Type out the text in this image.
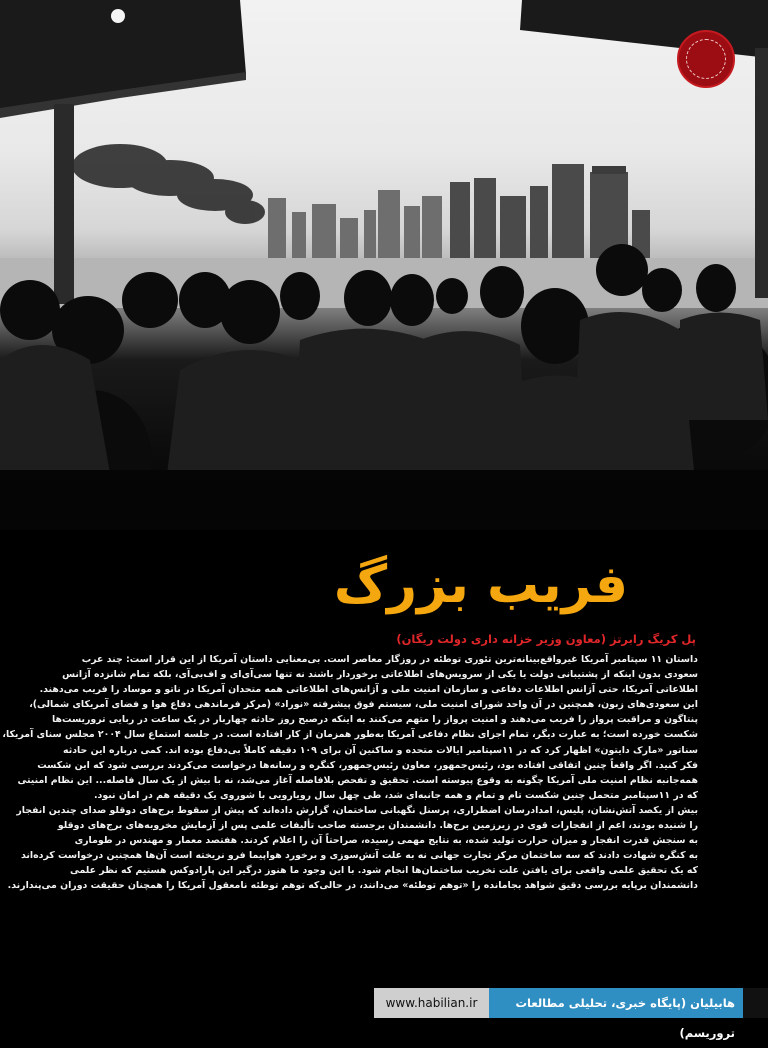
فریب بزرگ
پل کریگ رابرتز (معاون وزیر خزانه داری دولت ریگان)

داستان ۱۱ سپتامبر آمریکا غیرواقع‌بینانه‌ترین تئوری توطئه در روزگار معاصر است. بی‌معنایی داستان آمریکا از این قرار است: چند عرب

سعودی بدون اینکه از پشتیبانی دولت یا یکی از سرویس‌های اطلاعاتی برخوردار باشند نه تنها سی‌آی‌ای و اف‌بی‌آی، بلکه تمام شانزده آژانس

اطلاعاتی آمریکا، حتی آژانس اطلاعات دفاعی و سازمان امنیت ملی و آژانس‌های اطلاعاتی همه متحدان آمریکا در ناتو و موساد را فریب می‌دهند.

این سعودی‌های زبون، همچنین در آن واحد شورای امنیت ملی، سیستم فوق پیشرفته «نوراد» (مرکز فرماندهی دفاع هوا و فضای آمریکای شمالی)،

پنتاگون و مراقبت پرواز را فریب می‌دهند و امنیت پرواز را متهم می‌کنند به اینکه درصبح روز حادثه چهاربار در یک ساعت در ربایی تروریست‌ها

شکست خورده است؛ به عبارت دیگر، تمام اجزای نظام دفاعی آمریکا به‌طور همزمان از کار افتاده است. در جلسه استماع سال ۲۰۰۴ مجلس سنای آمریکا،

سناتور «مارک دایتون» اظهار کرد که در ۱۱سپتامبر ایالات متحده و ساکنین آن برای ۱۰۹ دقیقه کاملاً بی‌دفاع بوده اند. کمی درباره این حادثه

فکر کنید. اگر واقعاً چنین اتفاقی افتاده بود، رئیس‌جمهور، معاون رئیس‌جمهور، کنگره و رسانه‌ها درخواست می‌کردند بررسی شود که این شکست

همه‌جانبه نظام امنیت ملی آمریکا چگونه به وقوع پیوسته است. تحقیق و تفحص بلافاصله آغاز می‌شد، نه با بیش از یک سال فاصله... این نظام امنیتی

که در ۱۱سپتامبر متحمل چنین شکست تام و تمام و همه جانبه‌ای شد، طی چهل سال رویارویی با شوروی یک دقیقه هم در امان نبود.

بیش از یکصد آتش‌نشان، پلیس، امدادرسان اضطراری، پرسنل نگهبانی ساختمان، گزارش داده‌اند که پیش از سقوط برج‌های دوقلو صدای چندین انفجار

را شنیده بودند، اعم از انفجارات قوی در زیرزمین برج‌ها. دانشمندان برجسته صاحب تألیفات علمی پس از آزمایش مخروبه‌های برج‌های دوقلو

به سنجش قدرت انفجار و میزان حرارت تولید شده، به نتایج مهمی رسیده، صراحتاً آن را اعلام کردند. هفتصد معمار و مهندس در طوماری

به کنگره شهادت دادند که سه ساختمان مرکز تجارت جهانی نه به علت آتش‌سوزی و برخورد هواپیما فرو نریخته است آن‌ها همچنین درخواست کرده‌اند

که یک تحقیق علمی واقعی برای یافتن علت تخریب ساختمان‌ها انجام شود. با این وجود ما هنوز درگیر این پارادوکس هستیم که نظر علمی

دانشمندان برپایه بررسی دقیق شواهد بجامانده را «توهم توطئه» می‌دانند، در حالی‌که توهم توطئه نامعقول آمریکا را همچنان حقیقت دوران می‌پندارند.

www.habilian.ir	هابیلیان (پایگاه خبری، تحلیلی مطالعات تروریسم)
